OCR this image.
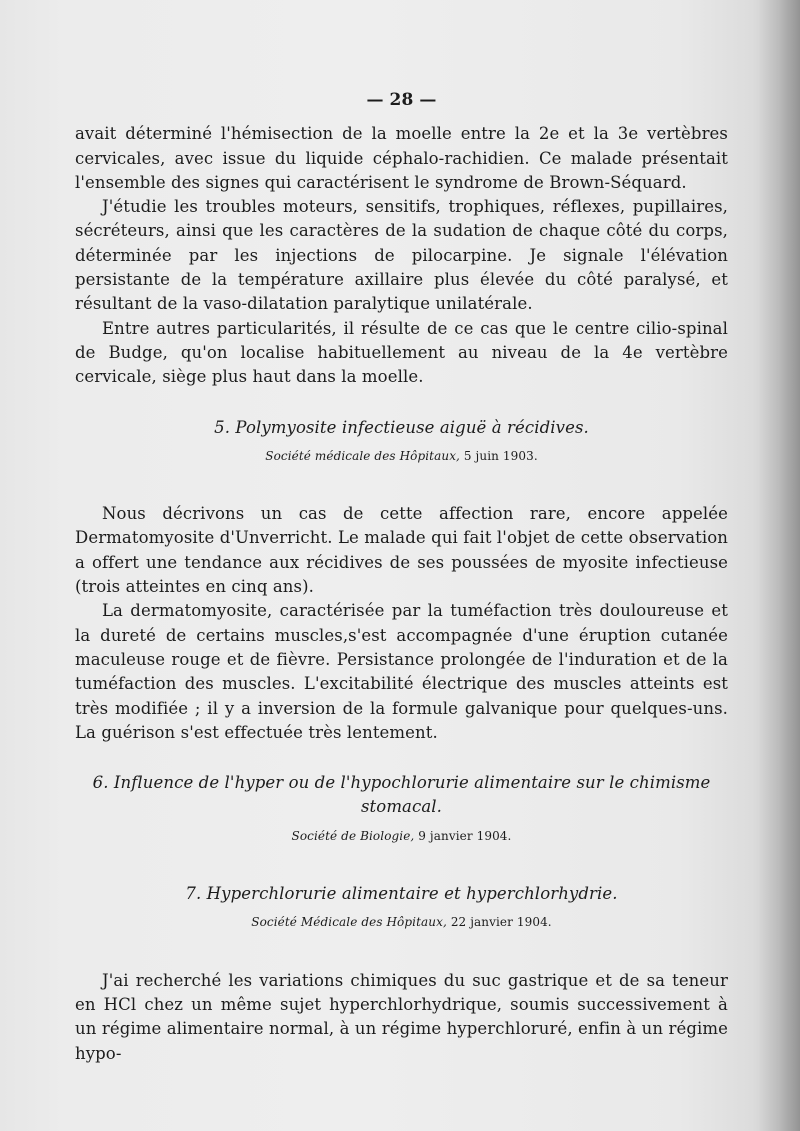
— 28 —

avait déterminé l'hémisection de la moelle entre la 2e et la 3e vertèbres cervicales, avec issue du liquide céphalo-rachidien. Ce malade présentait l'ensemble des signes qui caractérisent le syndrome de Brown-Séquard.

J'étudie les troubles moteurs, sensitifs, trophiques, réflexes, pupillaires, sécréteurs, ainsi que les caractères de la sudation de chaque côté du corps, déterminée par les injections de pilocarpine. Je signale l'élévation persistante de la température axillaire plus élevée du côté paralysé, et résultant de la vaso-dilatation paralytique unilatérale.

Entre autres particularités, il résulte de ce cas que le centre cilio-spinal de Budge, qu'on localise habituellement au niveau de la 4e vertèbre cervicale, siège plus haut dans la moelle.

5. Polymyosite infectieuse aiguë à récidives.
Société médicale des Hôpitaux, 5 juin 1903.

Nous décrivons un cas de cette affection rare, encore appelée Dermatomyosite d'Unverricht. Le malade qui fait l'objet de cette observation a offert une tendance aux récidives de ses poussées de myosite infectieuse (trois atteintes en cinq ans).

La dermatomyosite, caractérisée par la tuméfaction très douloureuse et la dureté de certains muscles,s'est accompagnée d'une éruption cutanée maculeuse rouge et de fièvre. Persistance prolongée de l'induration et de la tuméfaction des muscles. L'excitabilité électrique des muscles atteints est très modifiée ; il y a inversion de la formule galvanique pour quelques-uns. La guérison s'est effectuée très lentement.

6. Influence de l'hyper ou de l'hypochlorurie alimentaire sur le chimisme stomacal.
Société de Biologie, 9 janvier 1904.
7. Hyperchlorurie alimentaire et hyperchlorhydrie.
Société Médicale des Hôpitaux, 22 janvier 1904.

J'ai recherché les variations chimiques du suc gastrique et de sa teneur en HCl chez un même sujet hyperchlorhydrique, soumis successivement à un régime alimentaire normal, à un régime hyperchloruré, enfin à un régime hypo-
